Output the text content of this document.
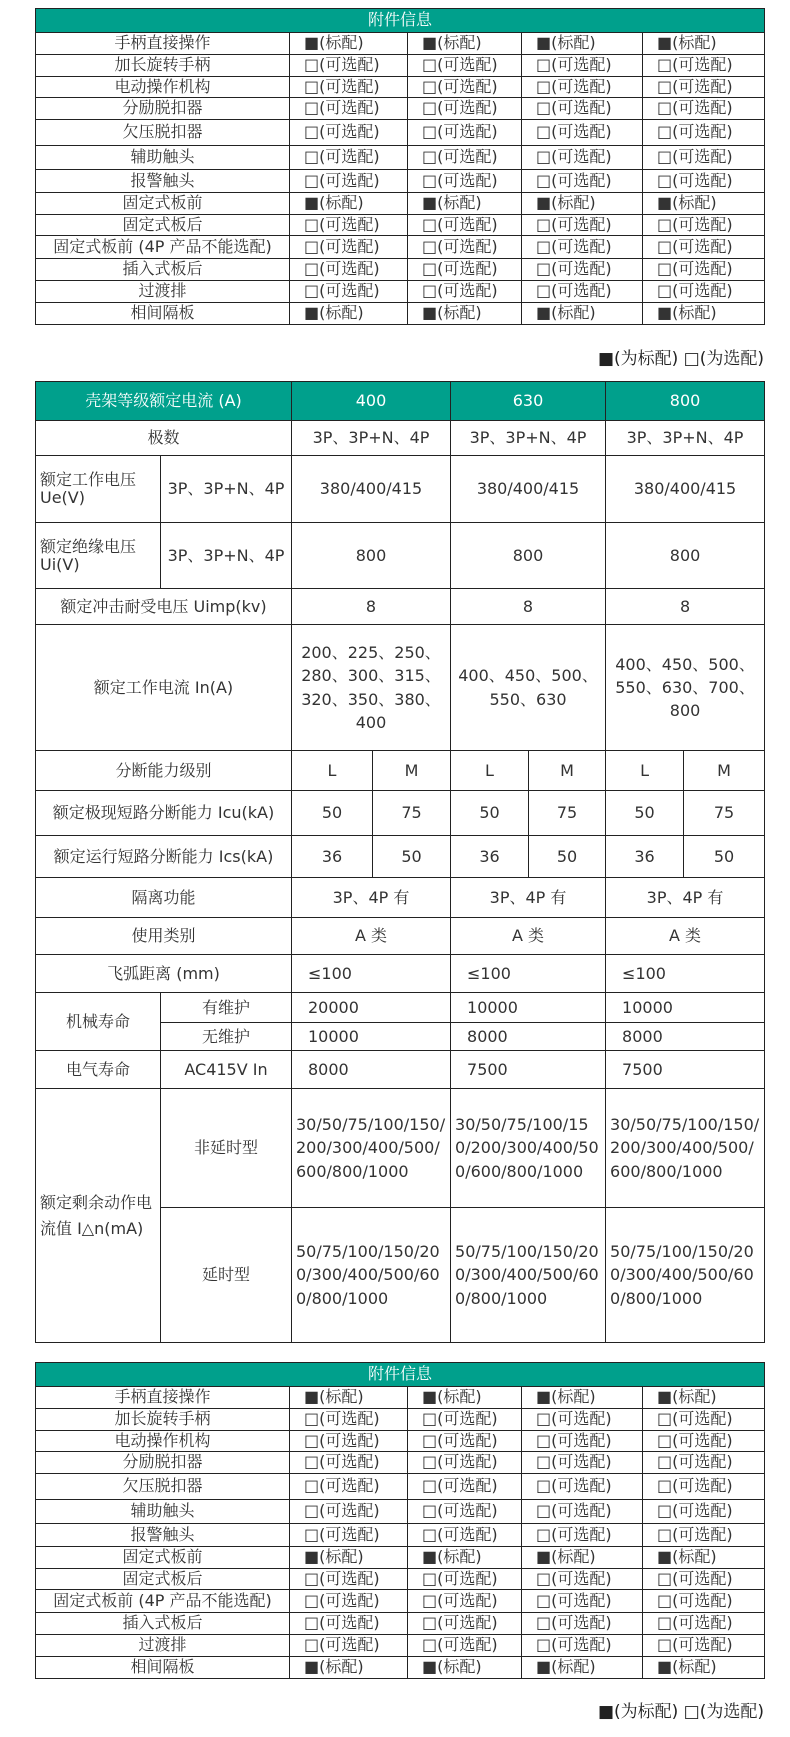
附件信息				
手柄直接操作	■(标配)	■(标配)	■(标配)	■(标配)
加长旋转手柄	□(可选配)	□(可选配)	□(可选配)	□(可选配)
电动操作机构	□(可选配)	□(可选配)	□(可选配)	□(可选配)
分励脱扣器	□(可选配)	□(可选配)	□(可选配)	□(可选配)
欠压脱扣器	□(可选配)	□(可选配)	□(可选配)	□(可选配)
辅助触头	□(可选配)	□(可选配)	□(可选配)	□(可选配)
报警触头	□(可选配)	□(可选配)	□(可选配)	□(可选配)
固定式板前	■(标配)	■(标配)	■(标配)	■(标配)
固定式板后	□(可选配)	□(可选配)	□(可选配)	□(可选配)
固定式板前 (4P 产品不能选配)	□(可选配)	□(可选配)	□(可选配)	□(可选配)
插入式板后	□(可选配)	□(可选配)	□(可选配)	□(可选配)
过渡排	□(可选配)	□(可选配)	□(可选配)	□(可选配)
相间隔板	■(标配)	■(标配)	■(标配)	■(标配)
■(为标配) □(为选配)
壳架等级额定电流 (A)		400		630		800	
极数		3P、3P+N、4P		3P、3P+N、4P		3P、3P+N、4P	
额定工作电压 Ue(V)	3P、3P+N、4P	380/400/415		380/400/415		380/400/415	
额定绝缘电压 Ui(V)	3P、3P+N、4P	800		800		800	
额定冲击耐受电压 Uimp(kv)		8		8		8	
额定工作电流 In(A)		200、225、250、280、300、315、320、350、380、400		400、450、500、550、630		400、450、500、550、630、700、800	
分断能力级别		L	M	L	M	L	M
额定极现短路分断能力 Icu(kA)		50	75	50	75	50	75
额定运行短路分断能力 Ics(kA)		36	50	36	50	36	50
隔离功能		3P、4P 有		3P、4P 有		3P、4P 有	
使用类别		A 类		A 类		A 类	
飞弧距离 (mm)		≤100		≤100		≤100	
机械寿命	有维护	20000		10000		10000	
	无维护	10000		8000		8000	
电气寿命	AC415V In	8000		7500		7500	
额定剩余动作电流值 I△n(mA)	非延时型	30/50/75/100/150/200/300/400/500/600/800/1000		30/50/75/100/150/200/300/400/500/600/800/1000		30/50/75/100/150/200/300/400/500/600/800/1000	
	延时型	50/75/100/150/200/300/400/500/600/800/1000		50/75/100/150/200/300/400/500/600/800/1000		50/75/100/150/200/300/400/500/600/800/1000	
附件信息				
手柄直接操作	■(标配)	■(标配)	■(标配)	■(标配)
加长旋转手柄	□(可选配)	□(可选配)	□(可选配)	□(可选配)
电动操作机构	□(可选配)	□(可选配)	□(可选配)	□(可选配)
分励脱扣器	□(可选配)	□(可选配)	□(可选配)	□(可选配)
欠压脱扣器	□(可选配)	□(可选配)	□(可选配)	□(可选配)
辅助触头	□(可选配)	□(可选配)	□(可选配)	□(可选配)
报警触头	□(可选配)	□(可选配)	□(可选配)	□(可选配)
固定式板前	■(标配)	■(标配)	■(标配)	■(标配)
固定式板后	□(可选配)	□(可选配)	□(可选配)	□(可选配)
固定式板前 (4P 产品不能选配)	□(可选配)	□(可选配)	□(可选配)	□(可选配)
插入式板后	□(可选配)	□(可选配)	□(可选配)	□(可选配)
过渡排	□(可选配)	□(可选配)	□(可选配)	□(可选配)
相间隔板	■(标配)	■(标配)	■(标配)	■(标配)
■(为标配) □(为选配)
